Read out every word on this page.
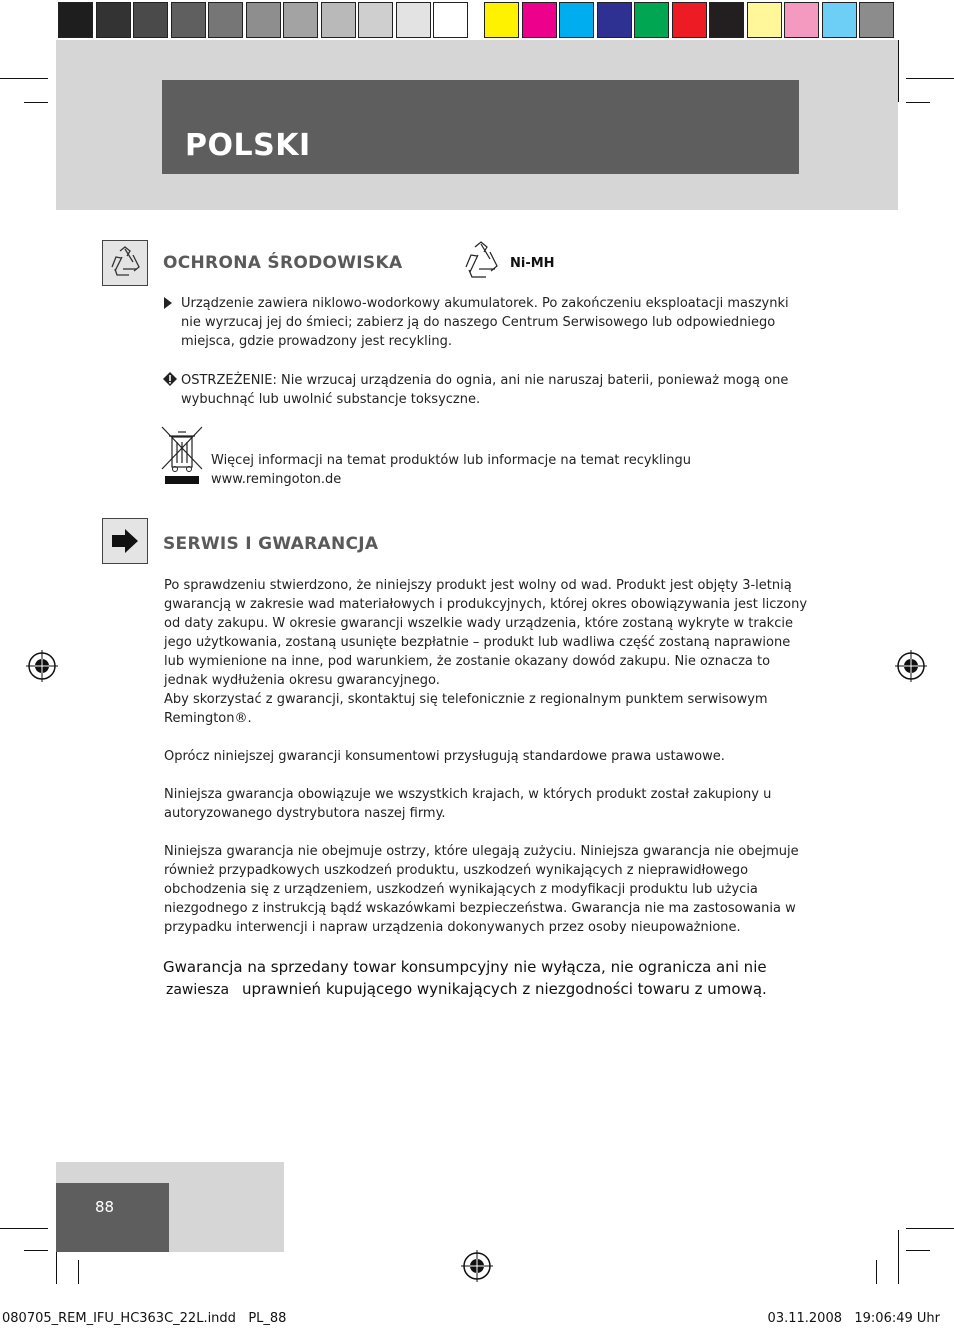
POLSKI
OCHRONA ŚRODOWISKA	Ni-MH
Urządzenie zawiera niklowo-wodorkowy akumulatorek. Po zakończeniu eksploatacji maszynki nie wyrzucaj jej do śmieci; zabierz ją do naszego Centrum Serwisowego lub odpowiedniego miejsca, gdzie prowadzony jest recykling.
OSTRZEŻENIE: Nie wrzucaj urządzenia do ognia, ani nie naruszaj baterii, ponieważ mogą one wybuchnąć lub uwolnić substancje toksyczne.
Więcej informacji na temat produktów lub informacje na temat recyklingu
www.remingoton.de
SERWIS I GWARANCJA

Po sprawdzeniu stwierdzono, że niniejszy produkt jest wolny od wad. Produkt jest objęty 3-letnią gwarancją w zakresie wad materiałowych i produkcyjnych, której okres obowiązywania jest liczony od daty zakupu. W okresie gwarancji wszelkie wady urządzenia, które zostaną wykryte w trakcie jego użytkowania, zostaną usunięte bezpłatnie – produkt lub wadliwa część zostaną naprawione lub wymienione na inne, pod warunkiem, że zostanie okazany dowód zakupu. Nie oznacza to jednak wydłużenia okresu gwarancyjnego.

Aby skorzystać z gwarancji, skontaktuj się telefonicznie z regionalnym punktem serwisowym Remington®.

Oprócz niniejszej gwarancji konsumentowi przysługują standardowe prawa ustawowe.

Niniejsza gwarancja obowiązuje we wszystkich krajach, w których produkt został zakupiony u autoryzowanego dystrybutora naszej firmy.

Niniejsza gwarancja nie obejmuje ostrzy, które ulegają zużyciu. Niniejsza gwarancja nie obejmuje również przypadkowych uszkodzeń produktu, uszkodzeń wynikających z nieprawidłowego obchodzenia się z urządzeniem, uszkodzeń wynikających z modyfikacji produktu lub użycia niezgodnego z instrukcją bądź wskazówkami bezpieczeństwa. Gwarancja nie ma zastosowania w przypadku interwencji i napraw urządzenia dokonywanych przez osoby nieupoważnione.

Gwarancja na sprzedany towar konsumpcyjny nie wyłącza, nie ogranicza ani nie
zawiesza uprawnień kupującego wynikających z niezgodności towaru z umową.
88
080705_REM_IFU_HC363C_22L.indd   PL_88	03.11.2008   19:06:49 Uhr
